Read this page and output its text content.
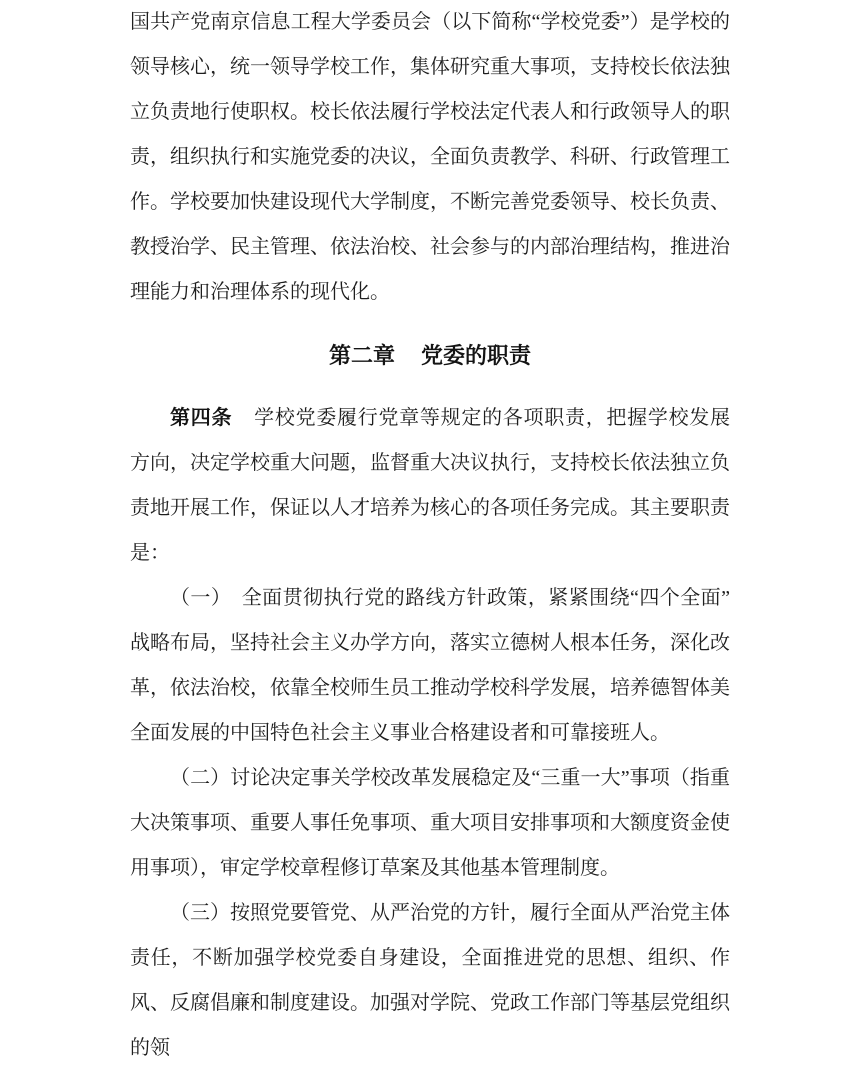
国共产党南京信息工程大学委员会（以下简称“学校党委”）是学校的领导核心，统一领导学校工作，集体研究重大事项，支持校长依法独立负责地行使职权。校长依法履行学校法定代表人和行政领导人的职责，组织执行和实施党委的决议，全面负责教学、科研、行政管理工作。学校要加快建设现代大学制度，不断完善党委领导、校长负责、教授治学、民主管理、依法治校、社会参与的内部治理结构，推进治理能力和治理体系的现代化。

第二章 党委的职责

第四条 学校党委履行党章等规定的各项职责，把握学校发展方向，决定学校重大问题，监督重大决议执行，支持校长依法独立负责地开展工作，保证以人才培养为核心的各项任务完成。其主要职责是：

（一）　全面贯彻执行党的路线方针政策，紧紧围绕“四个全面”战略布局，坚持社会主义办学方向，落实立德树人根本任务，深化改革，依法治校，依靠全校师生员工推动学校科学发展，培养德智体美全面发展的中国特色社会主义事业合格建设者和可靠接班人。

（二）讨论决定事关学校改革发展稳定及“三重一大”事项（指重大决策事项、重要人事任免事项、重大项目安排事项和大额度资金使用事项），审定学校章程修订草案及其他基本管理制度。

（三）按照党要管党、从严治党的方针，履行全面从严治党主体责任，不断加强学校党委自身建设，全面推进党的思想、组织、作风、反腐倡廉和制度建设。加强对学院、党政工作部门等基层党组织的领
